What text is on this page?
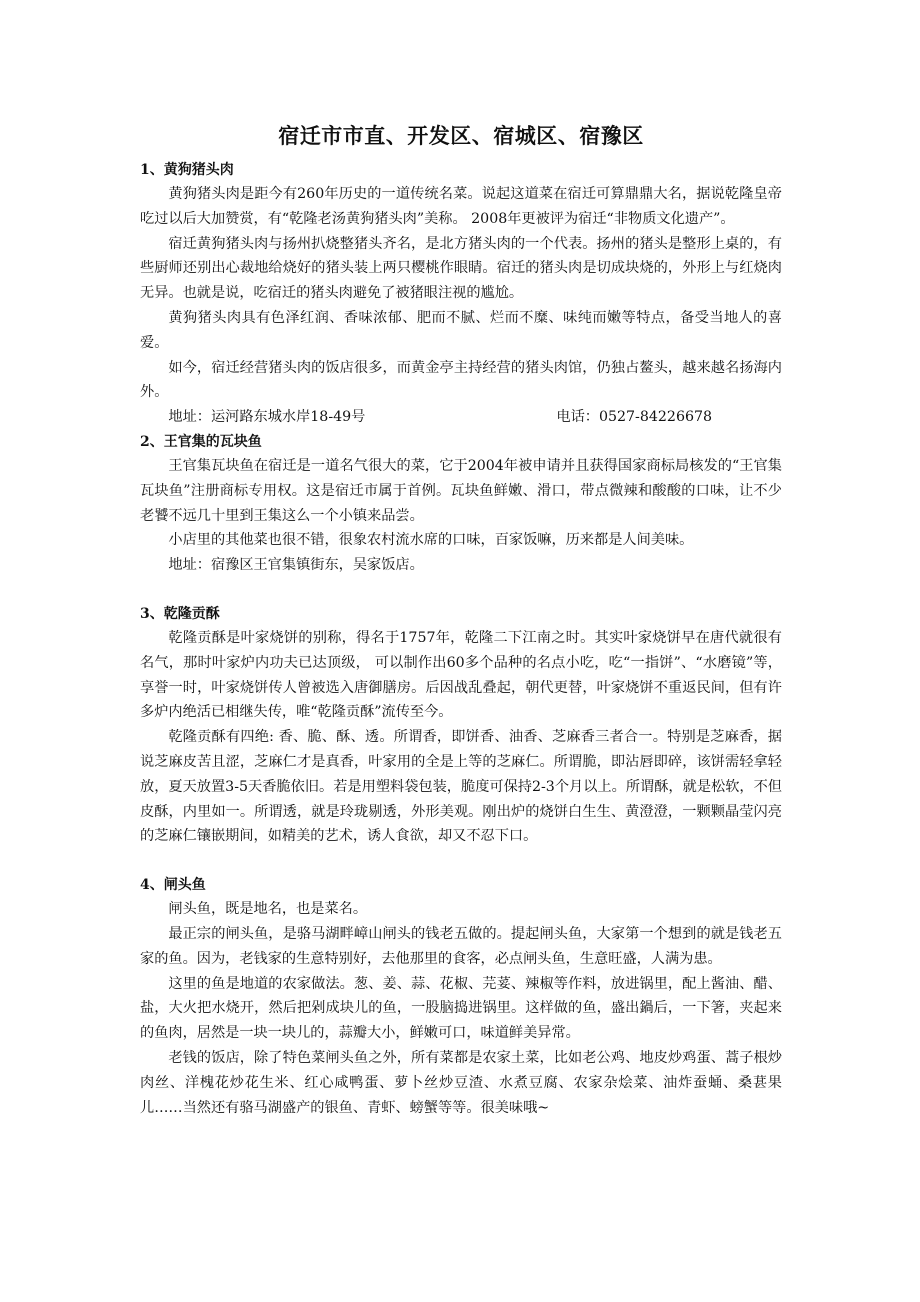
宿迁市市直、开发区、宿城区、宿豫区

1、黄狗猪头肉

黄狗猪头肉是距今有260年历史的一道传统名菜。说起这道菜在宿迁可算鼎鼎大名，据说乾隆皇帝吃过以后大加赞赏，有“乾隆老汤黄狗猪头肉”美称。 2008年更被评为宿迁“非物质文化遗产”。

宿迁黄狗猪头肉与扬州扒烧整猪头齐名，是北方猪头肉的一个代表。扬州的猪头是整形上桌的，有些厨师还别出心裁地给烧好的猪头装上两只樱桃作眼睛。宿迁的猪头肉是切成块烧的，外形上与红烧肉无异。也就是说，吃宿迁的猪头肉避免了被猪眼注视的尴尬。

黄狗猪头肉具有色泽红润、香味浓郁、肥而不腻、烂而不糜、味纯而嫩等特点，备受当地人的喜爱。

如今，宿迁经营猪头肉的饭店很多，而黄金亭主持经营的猪头肉馆，仍独占鳌头，越来越名扬海内外。

地址：运河路东城水岸18-49号	电话：0527-84226678

2、王官集的瓦块鱼

王官集瓦块鱼在宿迁是一道名气很大的菜，它于2004年被申请并且获得国家商标局核发的“王官集瓦块鱼”注册商标专用权。这是宿迁市属于首例。瓦块鱼鲜嫩、滑口，带点微辣和酸酸的口味，让不少老饕不远几十里到王集这么一个小镇来品尝。

小店里的其他菜也很不错，很象农村流水席的口味，百家饭嘛，历来都是人间美味。

地址：宿豫区王官集镇街东，吴家饭店。

3、乾隆贡酥

乾隆贡酥是叶家烧饼的别称，得名于1757年，乾隆二下江南之时。其实叶家烧饼早在唐代就很有名气，那时叶家炉内功夫已达顶级， 可以制作出60多个品种的名点小吃，吃“一指饼”、“水磨镜”等，享誉一时，叶家烧饼传人曾被选入唐御膳房。后因战乱叠起，朝代更替，叶家烧饼不重返民间，但有许多炉内绝活已相继失传，唯“乾隆贡酥”流传至今。

乾隆贡酥有四绝: 香、脆、酥、透。所谓香，即饼香、油香、芝麻香三者合一。特别是芝麻香，据说芝麻皮苦且涩，芝麻仁才是真香，叶家用的全是上等的芝麻仁。所谓脆，即沾唇即碎，该饼需轻拿轻放，夏天放置3-5天香脆依旧。若是用塑料袋包装，脆度可保持2-3个月以上。所谓酥，就是松软，不但皮酥，内里如一。所谓透，就是玲珑剔透，外形美观。刚出炉的烧饼白生生、黄澄澄，一颗颗晶莹闪亮的芝麻仁镶嵌期间，如精美的艺术，诱人食欲，却又不忍下口。

4、闸头鱼

闸头鱼，既是地名，也是菜名。

最正宗的闸头鱼，是骆马湖畔嶂山闸头的钱老五做的。提起闸头鱼，大家第一个想到的就是钱老五家的鱼。因为，老钱家的生意特别好，去他那里的食客，必点闸头鱼，生意旺盛，人满为患。

这里的鱼是地道的农家做法。葱、姜、蒜、花椒、芫荽、辣椒等作料，放进锅里，配上酱油、醋、盐，大火把水烧开，然后把剁成块儿的鱼，一股脑捣进锅里。这样做的鱼，盛出鍋后，一下箸，夹起来的鱼肉，居然是一块一块儿的，蒜瓣大小，鲜嫩可口，味道鲜美异常。

老钱的饭店，除了特色菜闸头鱼之外，所有菜都是农家土菜，比如老公鸡、地皮炒鸡蛋、蒿子根炒肉丝、洋槐花炒花生米、红心咸鸭蛋、萝卜丝炒豆渣、水煮豆腐、农家杂烩菜、油炸蚕蛹、桑葚果儿……当然还有骆马湖盛产的银鱼、青虾、螃蟹等等。很美味哦~
